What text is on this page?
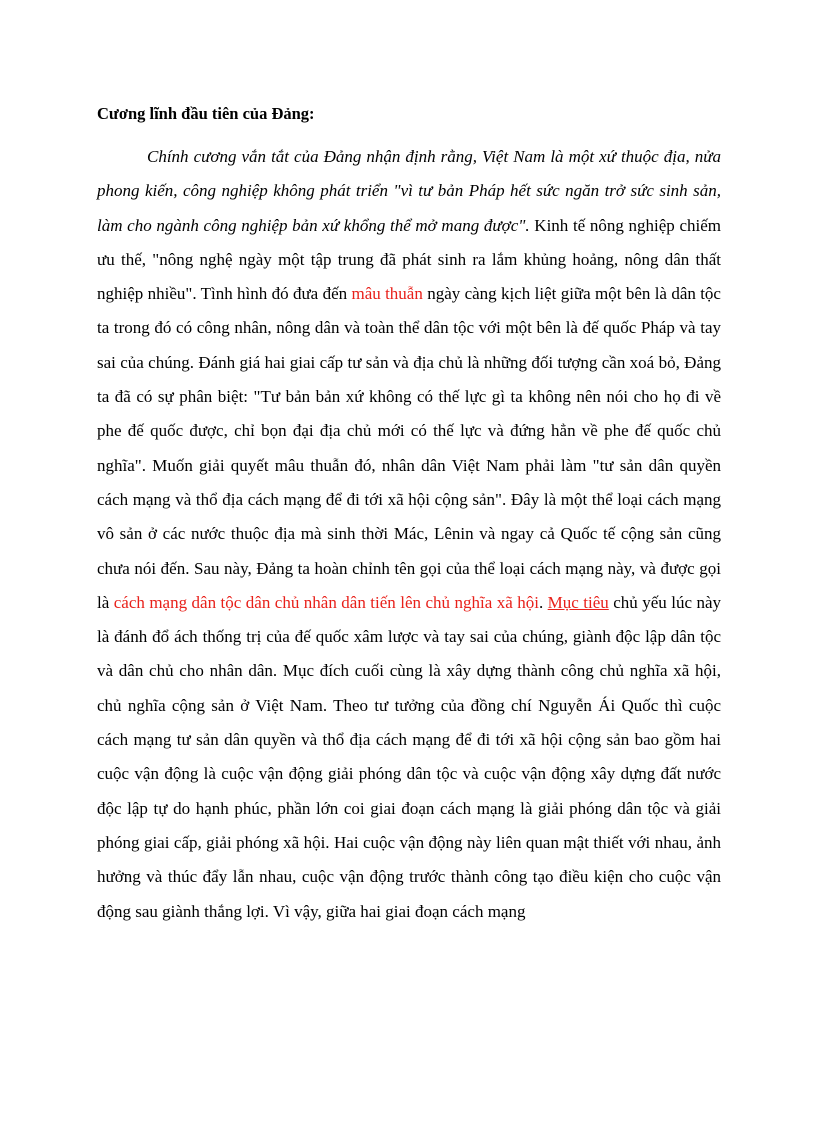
Cương lĩnh đầu tiên của Đảng:

Chính cương vắn tắt của Đảng nhận định rằng, Việt Nam là một xứ thuộc địa, nửa phong kiến, công nghiệp không phát triển "vì tư bản Pháp hết sức ngăn trở sức sinh sản, làm cho ngành công nghiệp bản xứ khổng thể mở mang được". Kinh tế nông nghiệp chiếm ưu thế, "nông nghệ ngày một tập trung đã phát sinh ra lắm khủng hoảng, nông dân thất nghiệp nhiều". Tình hình đó đưa đến mâu thuẫn ngày càng kịch liệt giữa một bên là dân tộc ta trong đó có công nhân, nông dân và toàn thể dân tộc với một bên là đế quốc Pháp và tay sai của chúng. Đánh giá hai giai cấp tư sản và địa chủ là những đối tượng cần xoá bỏ, Đảng ta đã có sự phân biệt: "Tư bản bản xứ không có thế lực gì ta không nên nói cho họ đi về phe đế quốc được, chỉ bọn đại địa chủ mới có thế lực và đứng hẳn về phe đế quốc chủ nghĩa". Muốn giải quyết mâu thuẫn đó, nhân dân Việt Nam phải làm "tư sản dân quyền cách mạng và thổ địa cách mạng để đi tới xã hội cộng sản". Đây là một thể loại cách mạng vô sản ở các nước thuộc địa mà sinh thời Mác, Lênin và ngay cả Quốc tế cộng sản cũng chưa nói đến. Sau này, Đảng ta hoàn chỉnh tên gọi của thể loại cách mạng này, và được gọi là cách mạng dân tộc dân chủ nhân dân tiến lên chủ nghĩa xã hội. Mục tiêu chủ yếu lúc này là đánh đổ ách thống trị của đế quốc xâm lược và tay sai của chúng, giành độc lập dân tộc và dân chủ cho nhân dân. Mục đích cuối cùng là xây dựng thành công chủ nghĩa xã hội, chủ nghĩa cộng sản ở Việt Nam. Theo tư tưởng của đồng chí Nguyễn Ái Quốc thì cuộc cách mạng tư sản dân quyền và thổ địa cách mạng để đi tới xã hội cộng sản bao gồm hai cuộc vận động là cuộc vận động giải phóng dân tộc và cuộc vận động xây dựng đất nước độc lập tự do hạnh phúc, phần lớn coi giai đoạn cách mạng là giải phóng dân tộc và giải phóng giai cấp, giải phóng xã hội. Hai cuộc vận động này liên quan mật thiết với nhau, ảnh hưởng và thúc đẩy lẫn nhau, cuộc vận động trước thành công tạo điều kiện cho cuộc vận động sau giành thắng lợi. Vì vậy, giữa hai giai đoạn cách mạng
